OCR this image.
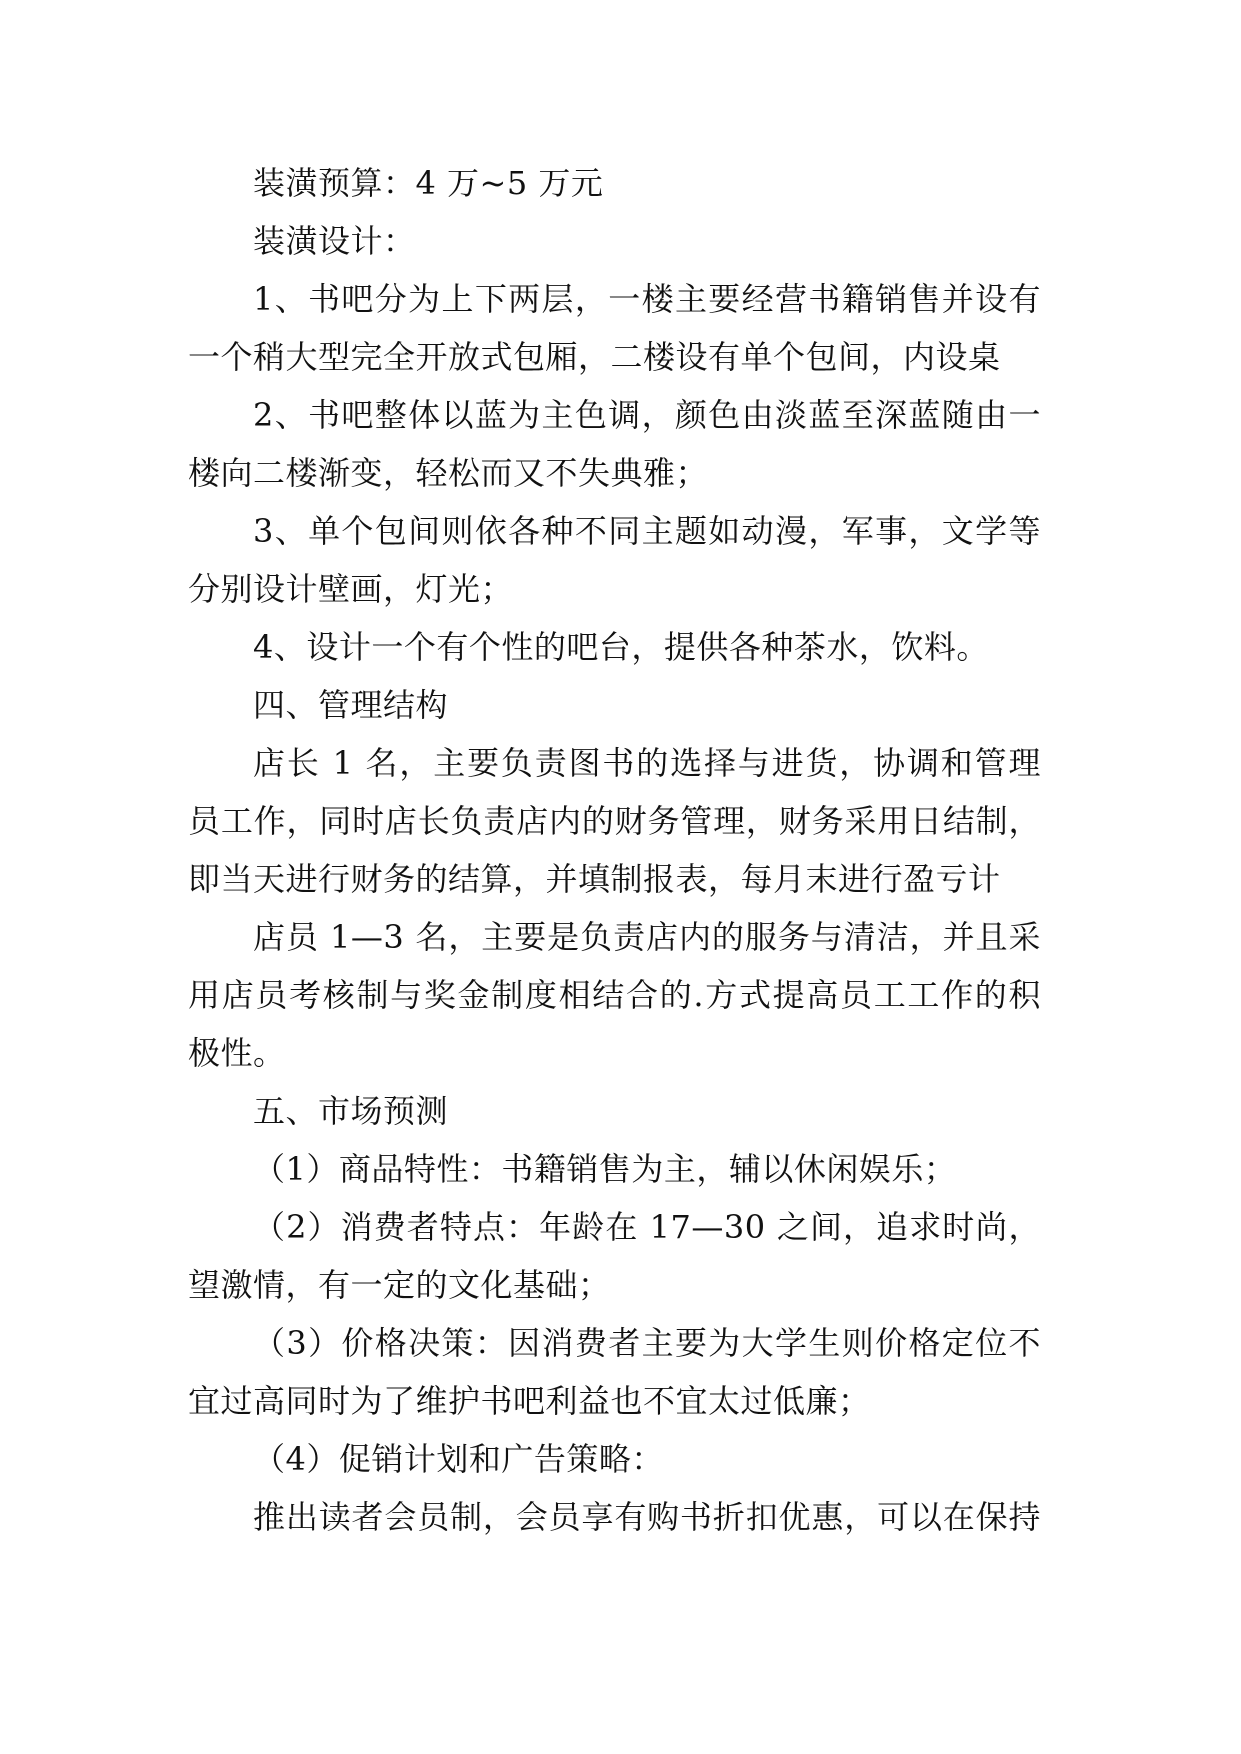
装潢预算：4 万~5 万元
装潢设计：
1、书吧分为上下两层，一楼主要经营书籍销售并设有
一个稍大型完全开放式包厢，二楼设有单个包间，内设桌
2、书吧整体以蓝为主色调，颜色由淡蓝至深蓝随由一
楼向二楼渐变，轻松而又不失典雅；
3、单个包间则依各种不同主题如动漫，军事，文学等
分别设计壁画，灯光；
4、设计一个有个性的吧台，提供各种茶水，饮料。
四、管理结构
店长 1 名，主要负责图书的选择与进货，协调和管理
员工作，同时店长负责店内的财务管理，财务采用日结制，
即当天进行财务的结算，并填制报表，每月末进行盈亏计
店员 1—3 名，主要是负责店内的服务与清洁，并且采
用店员考核制与奖金制度相结合的.方式提高员工工作的积
极性。
五、市场预测
（1）商品特性：书籍销售为主，辅以休闲娱乐；
（2）消费者特点：年龄在 17—30 之间，追求时尚，
望激情，有一定的文化基础；
（3）价格决策：因消费者主要为大学生则价格定位不
宜过高同时为了维护书吧利益也不宜太过低廉；
（4）促销计划和广告策略：
推出读者会员制，会员享有购书折扣优惠，可以在保持
